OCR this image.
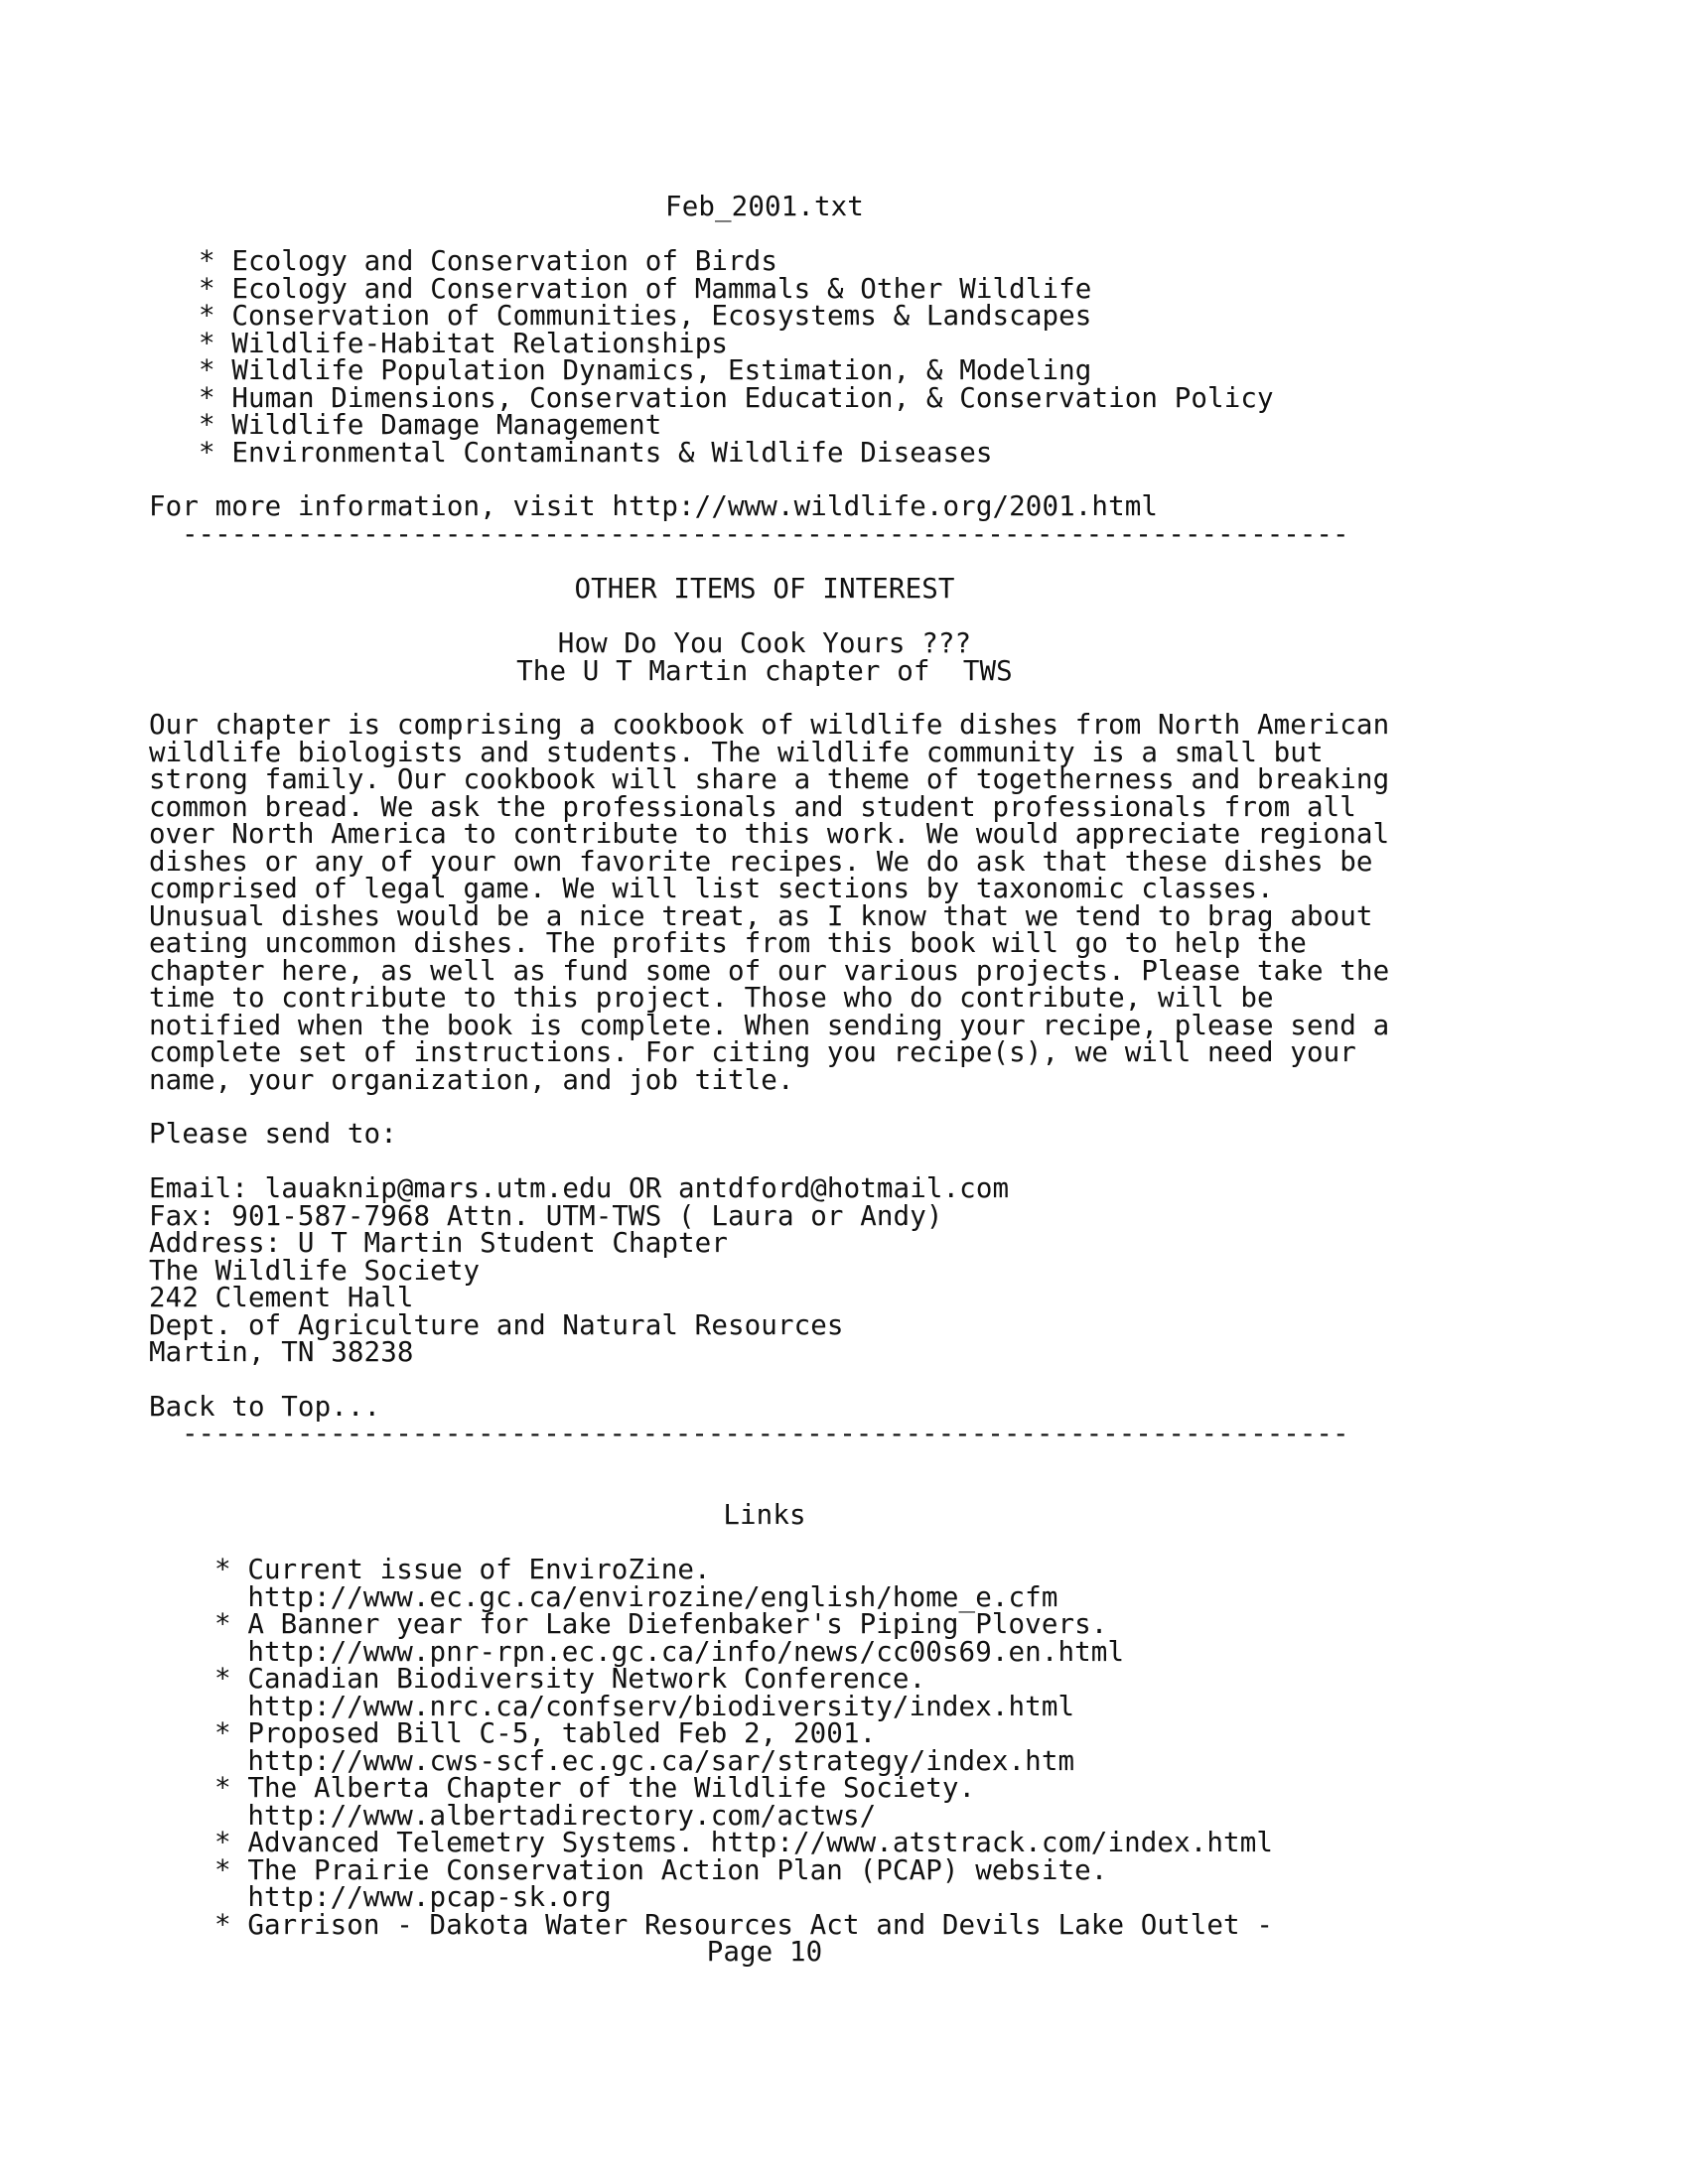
Feb_2001.txt
* Ecology and Conservation of Birds
* Ecology and Conservation of Mammals & Other Wildlife
* Conservation of Communities, Ecosystems & Landscapes
* Wildlife-Habitat Relationships
* Wildlife Population Dynamics, Estimation, & Modeling
* Human Dimensions, Conservation Education, & Conservation Policy
* Wildlife Damage Management
* Environmental Contaminants & Wildlife Diseases
For more information, visit http://www.wildlife.org/2001.html
-----
OTHER ITEMS OF INTEREST
How Do You Cook Yours ???
The U T Martin chapter of  TWS
Our chapter is comprising a cookbook of wildlife dishes from North American
wildlife biologists and students. The wildlife community is a small but
strong family. Our cookbook will share a theme of togetherness and breaking
common bread. We ask the professionals and student professionals from all
over North America to contribute to this work. We would appreciate regional
dishes or any of your own favorite recipes. We do ask that these dishes be
comprised of legal game. We will list sections by taxonomic classes.
Unusual dishes would be a nice treat, as I know that we tend to brag about
eating uncommon dishes. The profits from this book will go to help the
chapter here, as well as fund some of our various projects. Please take the
time to contribute to this project. Those who do contribute, will be
notified when the book is complete. When sending your recipe, please send a
complete set of instructions. For citing you recipe(s), we will need your
name, your organization, and job title.
Please send to:
Email: lauaknip@mars.utm.edu OR antdford@hotmail.com
Fax: 901-587-7968 Attn. UTM-TWS ( Laura or Andy)
Address: U T Martin Student Chapter
The Wildlife Society
242 Clement Hall
Dept. of Agriculture and Natural Resources
Martin, TN 38238
Back to Top...
-----
Links
* Current issue of EnviroZine.
http://www.ec.gc.ca/envirozine/english/home_e.cfm
* A Banner year for Lake Diefenbaker's Piping Plovers.
http://www.pnr-rpn.ec.gc.ca/info/news/cc00s69.en.html
* Canadian Biodiversity Network Conference.
http://www.nrc.ca/confserv/biodiversity/index.html
* Proposed Bill C-5, tabled Feb 2, 2001.
http://www.cws-scf.ec.gc.ca/sar/strategy/index.htm
* The Alberta Chapter of the Wildlife Society.
http://www.albertadirectory.com/actws/
* Advanced Telemetry Systems. http://www.atstrack.com/index.html
* The Prairie Conservation Action Plan (PCAP) website.
http://www.pcap-sk.org
* Garrison - Dakota Water Resources Act and Devils Lake Outlet -
Page 10
